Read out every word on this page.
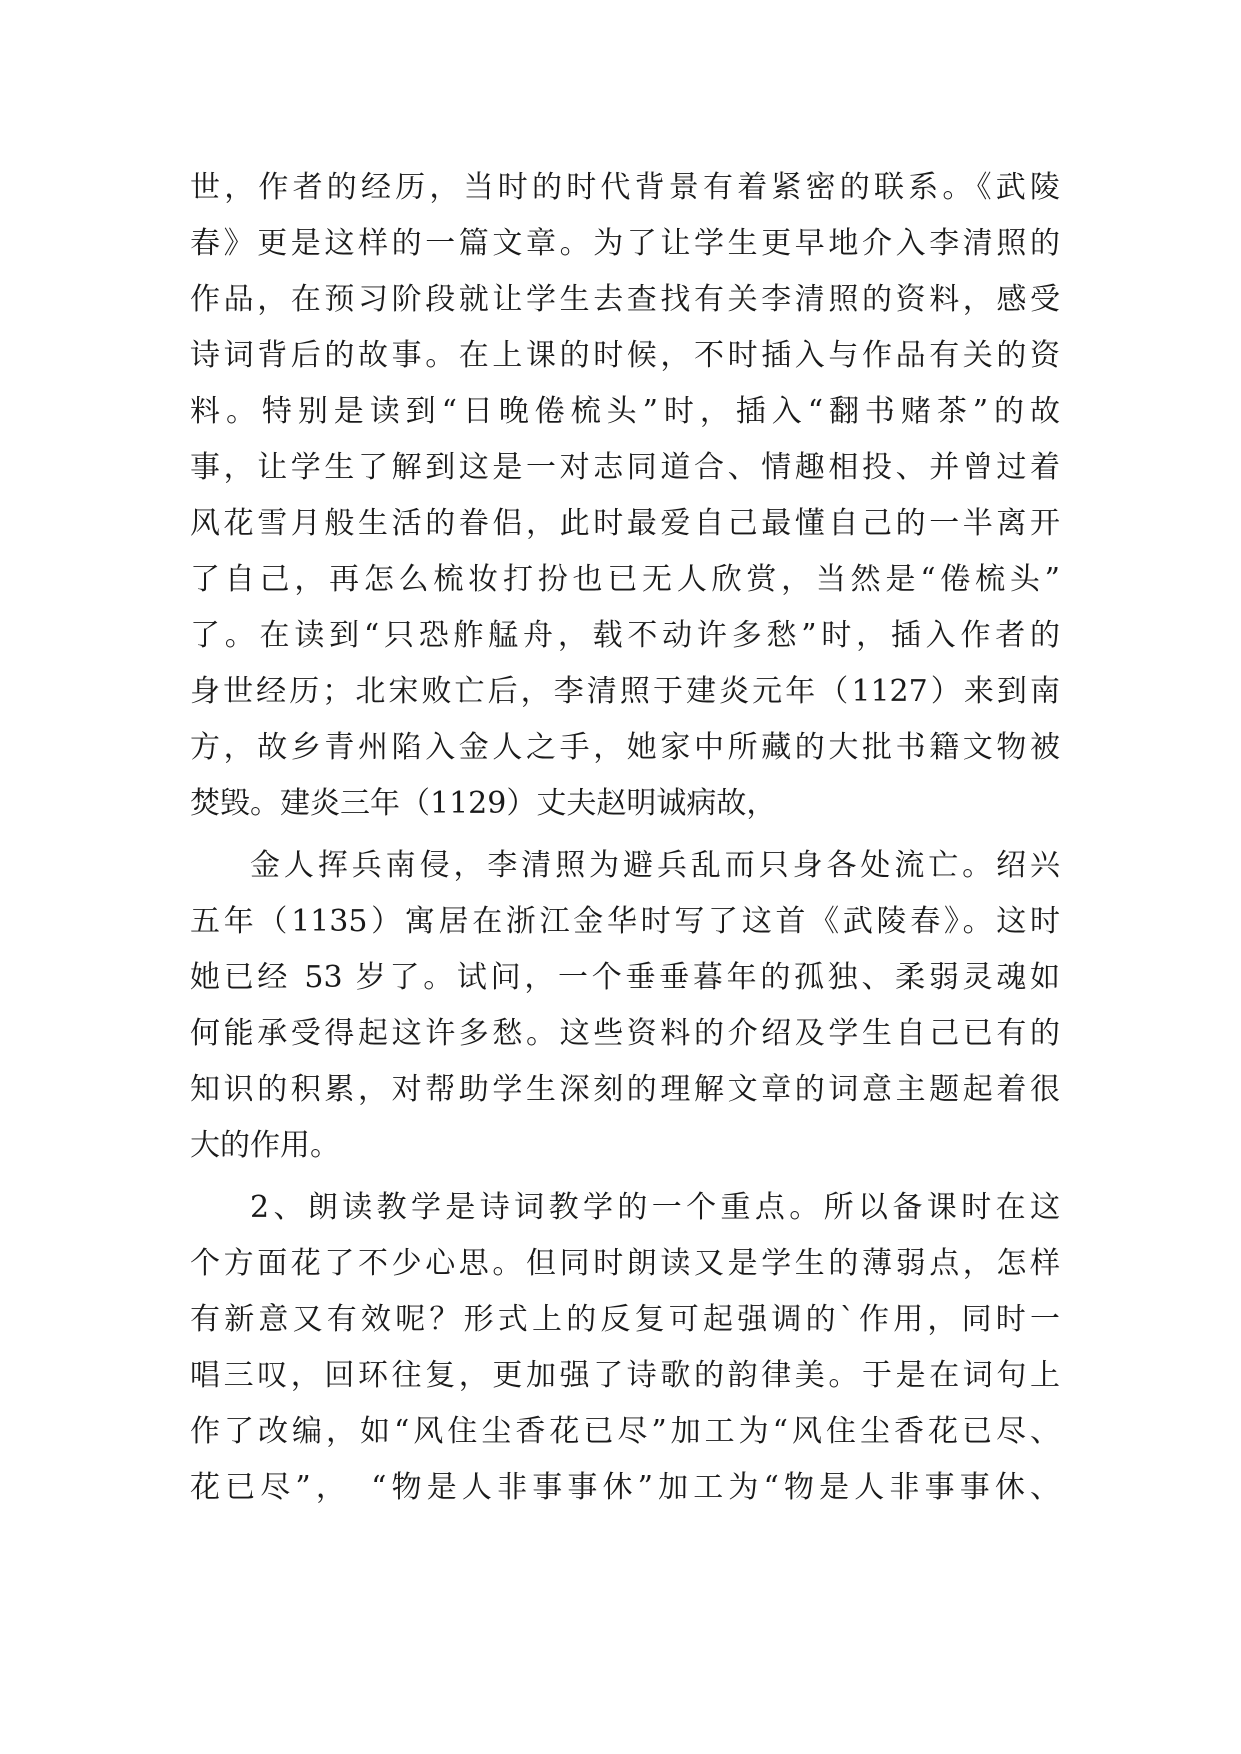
世，作者的经历，当时的时代背景有着紧密的联系。《武陵
春》更是这样的一篇文章。为了让学生更早地介入李清照的
作品，在预习阶段就让学生去查找有关李清照的资料，感受
诗词背后的故事。在上课的时候，不时插入与作品有关的资
料。特别是读到“日晚倦梳头”时，插入“翻书赌茶”的故
事，让学生了解到这是一对志同道合、情趣相投、并曾过着
风花雪月般生活的眷侣，此时最爱自己最懂自己的一半离开
了自己，再怎么梳妆打扮也已无人欣赏，当然是“倦梳头”
了。在读到“只恐舴艋舟，载不动许多愁”时，插入作者的
身世经历；北宋败亡后，李清照于建炎元年（1127）来到南
方，故乡青州陷入金人之手，她家中所藏的大批书籍文物被
焚毁。建炎三年（1129）丈夫赵明诚病故，
金人挥兵南侵，李清照为避兵乱而只身各处流亡。绍兴
五年（1135）寓居在浙江金华时写了这首《武陵春》。这时
她已经 53 岁了。试问，一个垂垂暮年的孤独、柔弱灵魂如
何能承受得起这许多愁。这些资料的介绍及学生自己已有的
知识的积累，对帮助学生深刻的理解文章的词意主题起着很
大的作用。
2、朗读教学是诗词教学的一个重点。所以备课时在这
个方面花了不少心思。但同时朗读又是学生的薄弱点，怎样
有新意又有效呢？形式上的反复可起强调的`作用，同时一
唱三叹，回环往复，更加强了诗歌的韵律美。于是在词句上
作了改编，如“风住尘香花已尽”加工为“风住尘香花已尽、
花已尽”，　“物是人非事事休”加工为“物是人非事事休、
